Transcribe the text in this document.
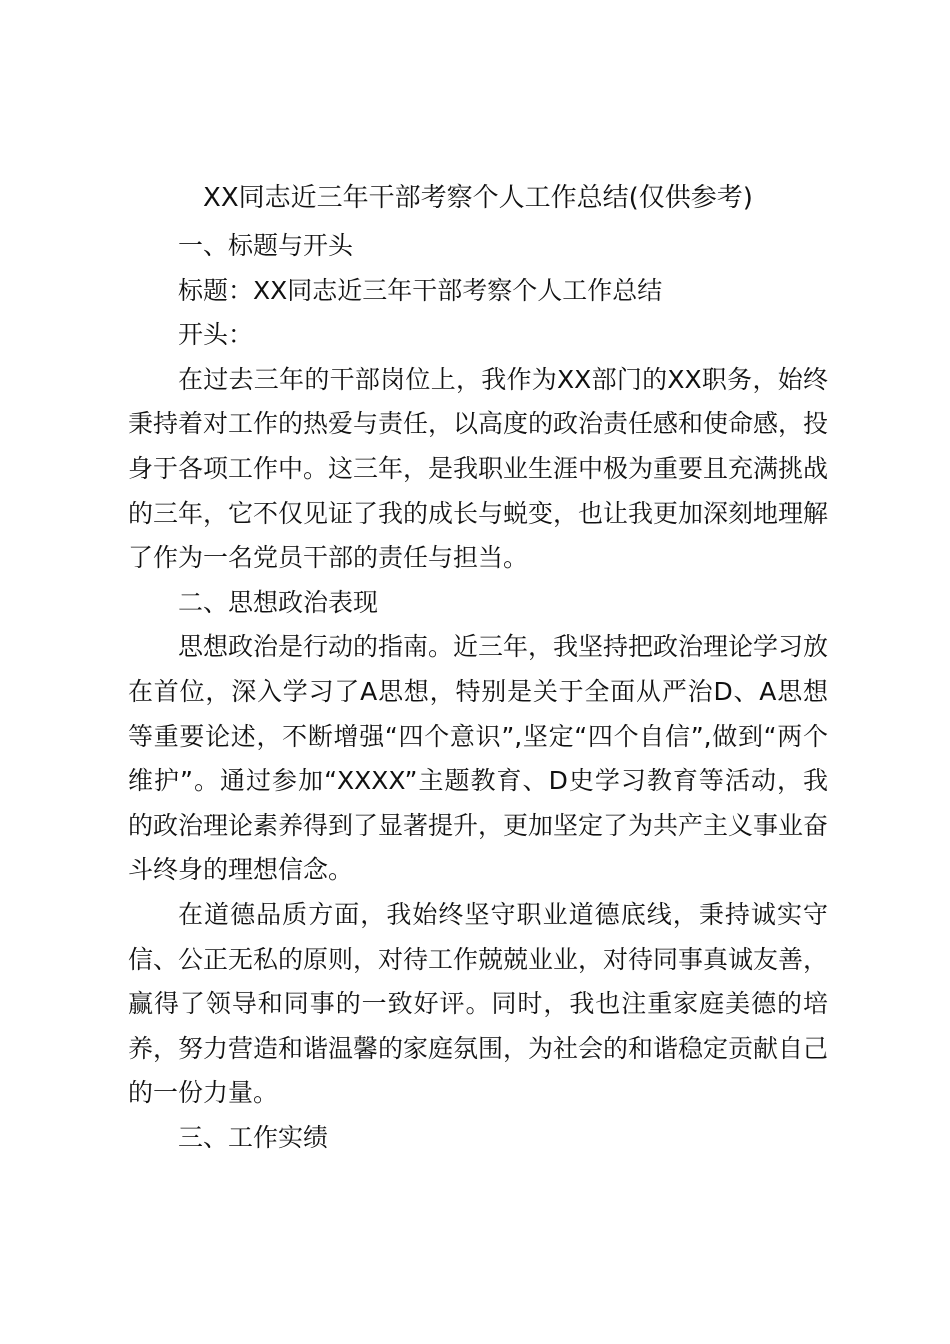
XX同志近三年干部考察个人工作总结(仅供参考)
一、标题与开头

标题：XX同志近三年干部考察个人工作总结

开头：

在过去三年的干部岗位上，我作为XX部门的XX职务，始终秉持着对工作的热爱与责任，以高度的政治责任感和使命感，投身于各项工作中。这三年，是我职业生涯中极为重要且充满挑战的三年，它不仅见证了我的成长与蜕变，也让我更加深刻地理解了作为一名党员干部的责任与担当。

二、思想政治表现

思想政治是行动的指南。近三年，我坚持把政治理论学习放在首位，深入学习了A思想，特别是关于全面从严治D、A思想等重要论述，不断增强“四个意识”,坚定“四个自信”,做到“两个维护”。通过参加“XXXX”主题教育、D史学习教育等活动，我的政治理论素养得到了显著提升，更加坚定了为共产主义事业奋斗终身的理想信念。

在道德品质方面，我始终坚守职业道德底线，秉持诚实守信、公正无私的原则，对待工作兢兢业业，对待同事真诚友善，赢得了领导和同事的一致好评。同时，我也注重家庭美德的培养，努力营造和谐温馨的家庭氛围，为社会的和谐稳定贡献自己的一份力量。

三、工作实绩
